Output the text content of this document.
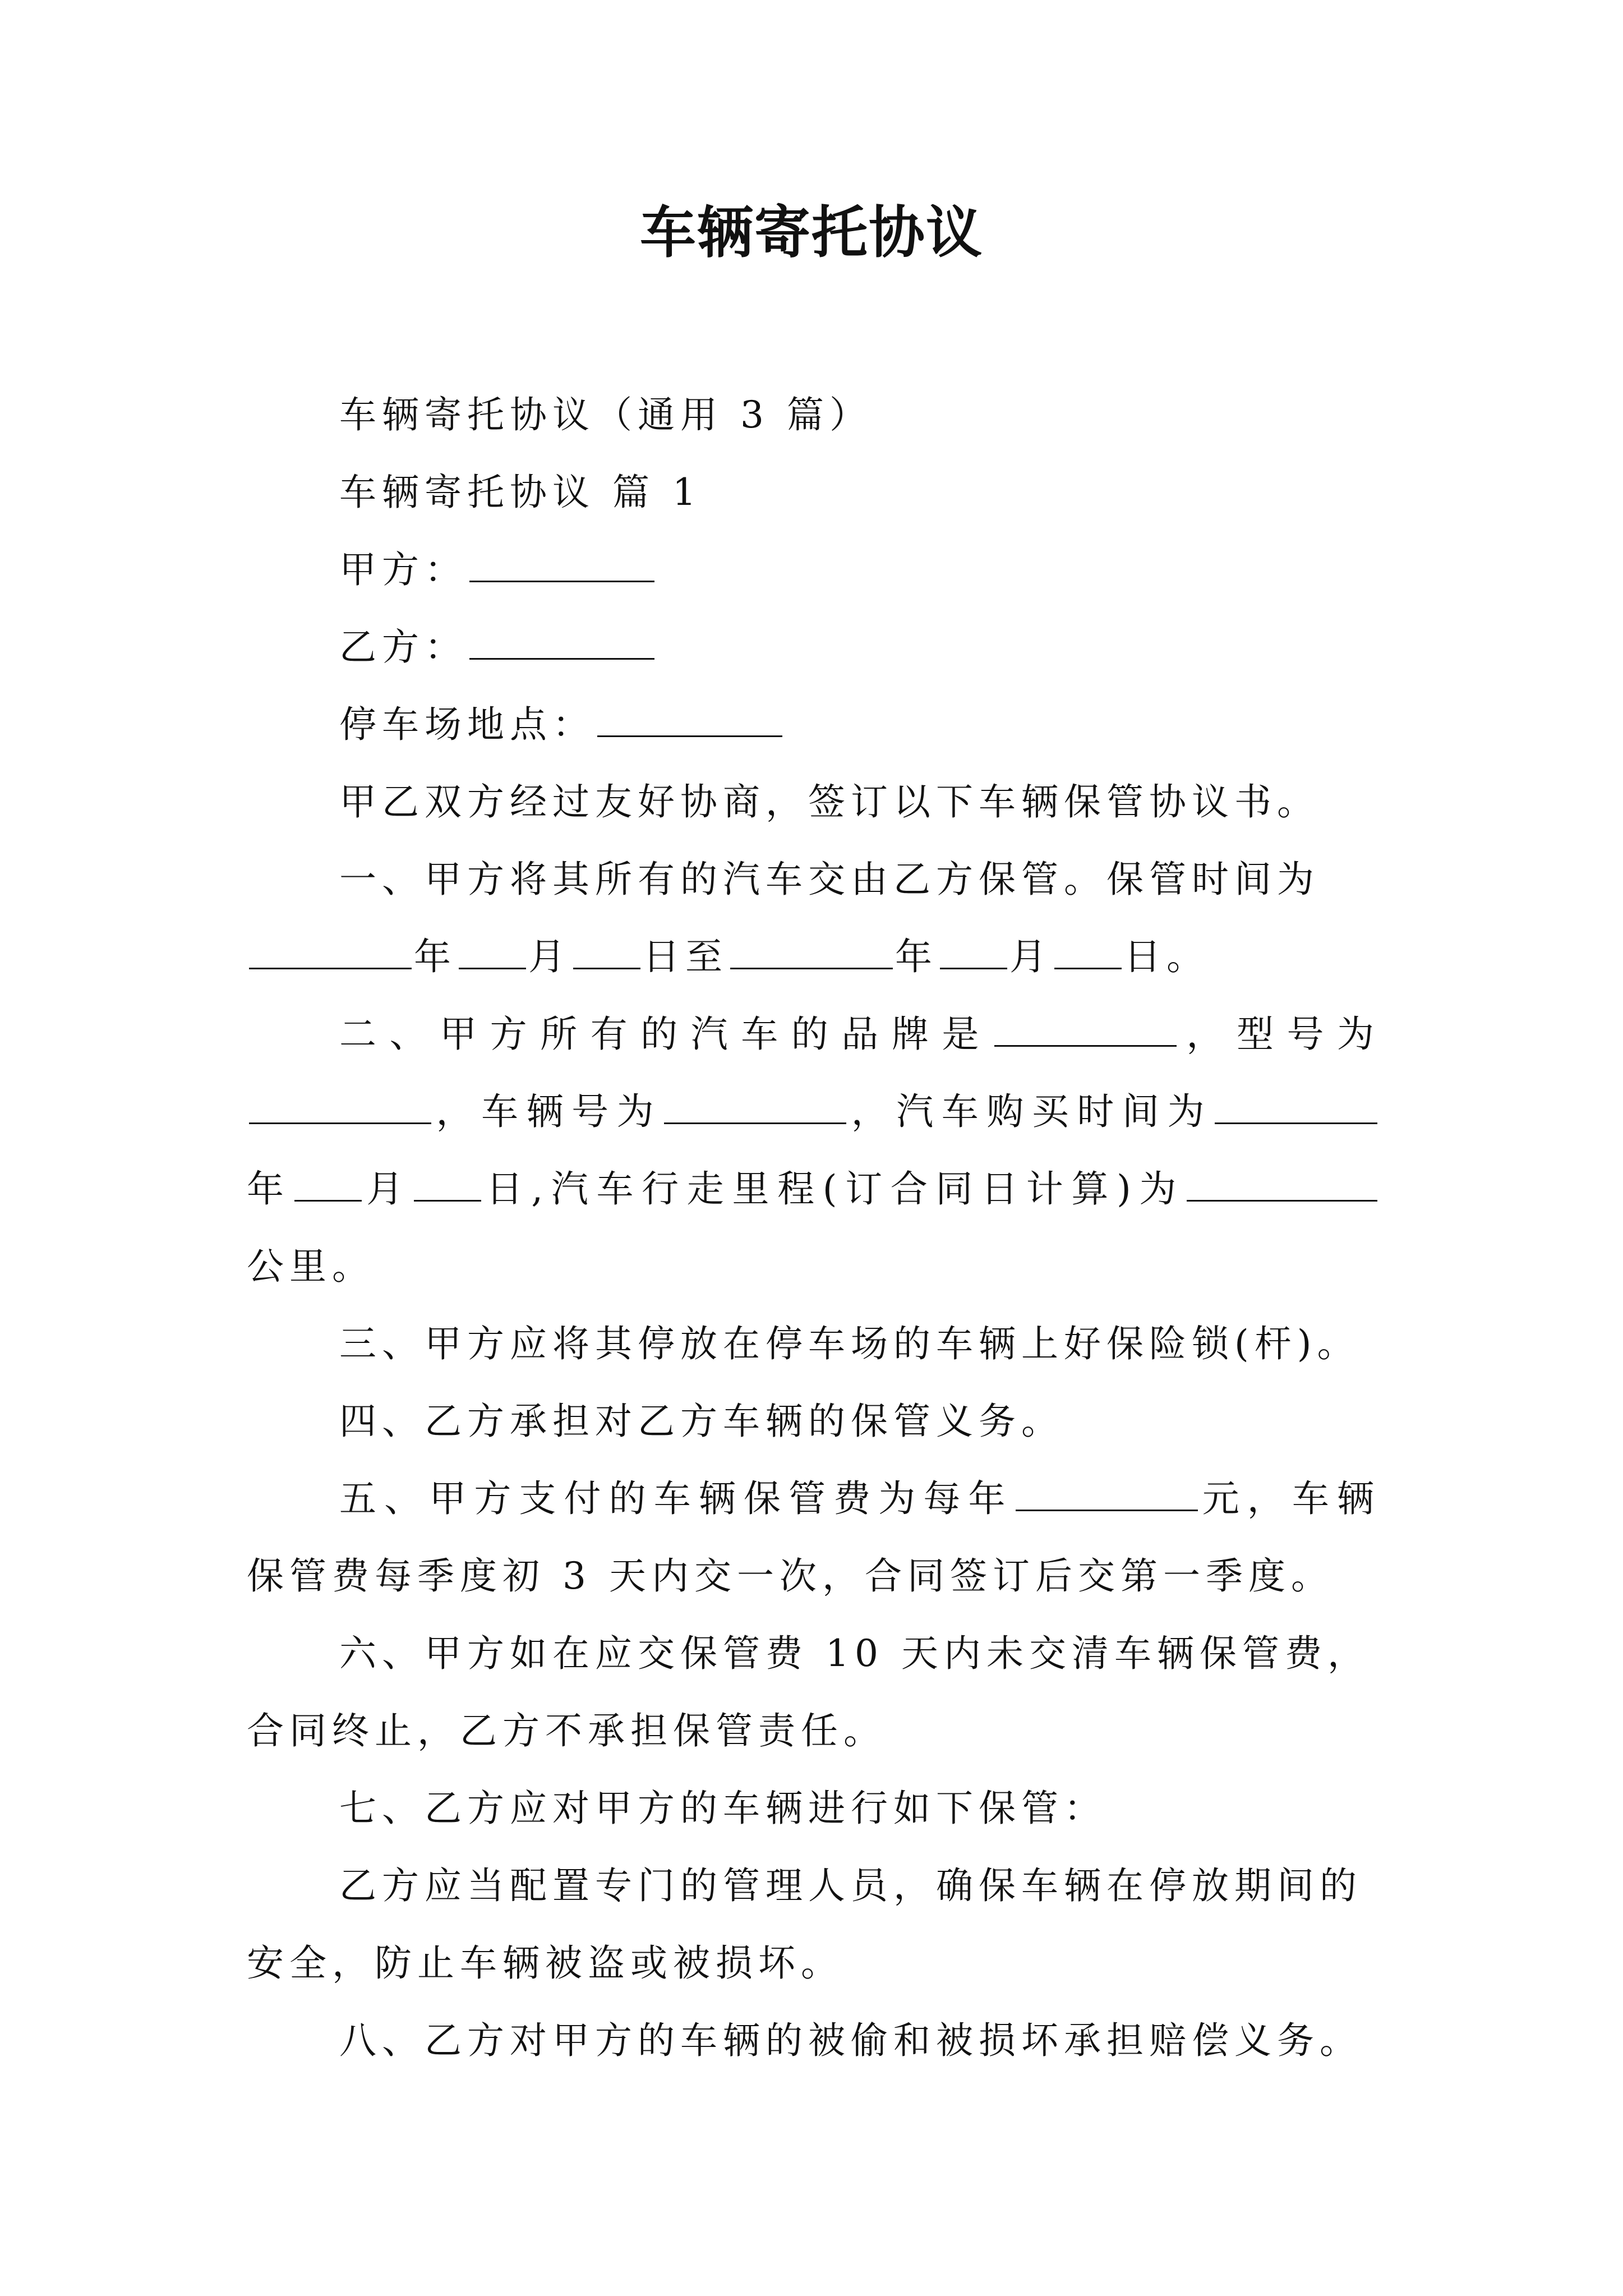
车辆寄托协议
车辆寄托协议（通用 3 篇）
车辆寄托协议 篇 1
甲方：
乙方：
停车场地点：
甲乙双方经过友好协商，签订以下车辆保管协议书。
一、甲方将其所有的汽车交由乙方保管。保管时间为
年 月 日至	年 月 日。
二、甲方所有的汽车的品牌是	，型号为
，车辆号为	，汽车购买时间为
年 月 日,汽车行走里程(订合同日计算)为
公里。
三、甲方应将其停放在停车场的车辆上好保险锁(杆)。
四、乙方承担对乙方车辆的保管义务。
五、甲方支付的车辆保管费为每年	元，车辆
保管费每季度初 3 天内交一次，合同签订后交第一季度。
六、甲方如在应交保管费 10 天内未交清车辆保管费，
合同终止，乙方不承担保管责任。
七、乙方应对甲方的车辆进行如下保管：
乙方应当配置专门的管理人员，确保车辆在停放期间的
安全，防止车辆被盗或被损坏。
八、乙方对甲方的车辆的被偷和被损坏承担赔偿义务。
